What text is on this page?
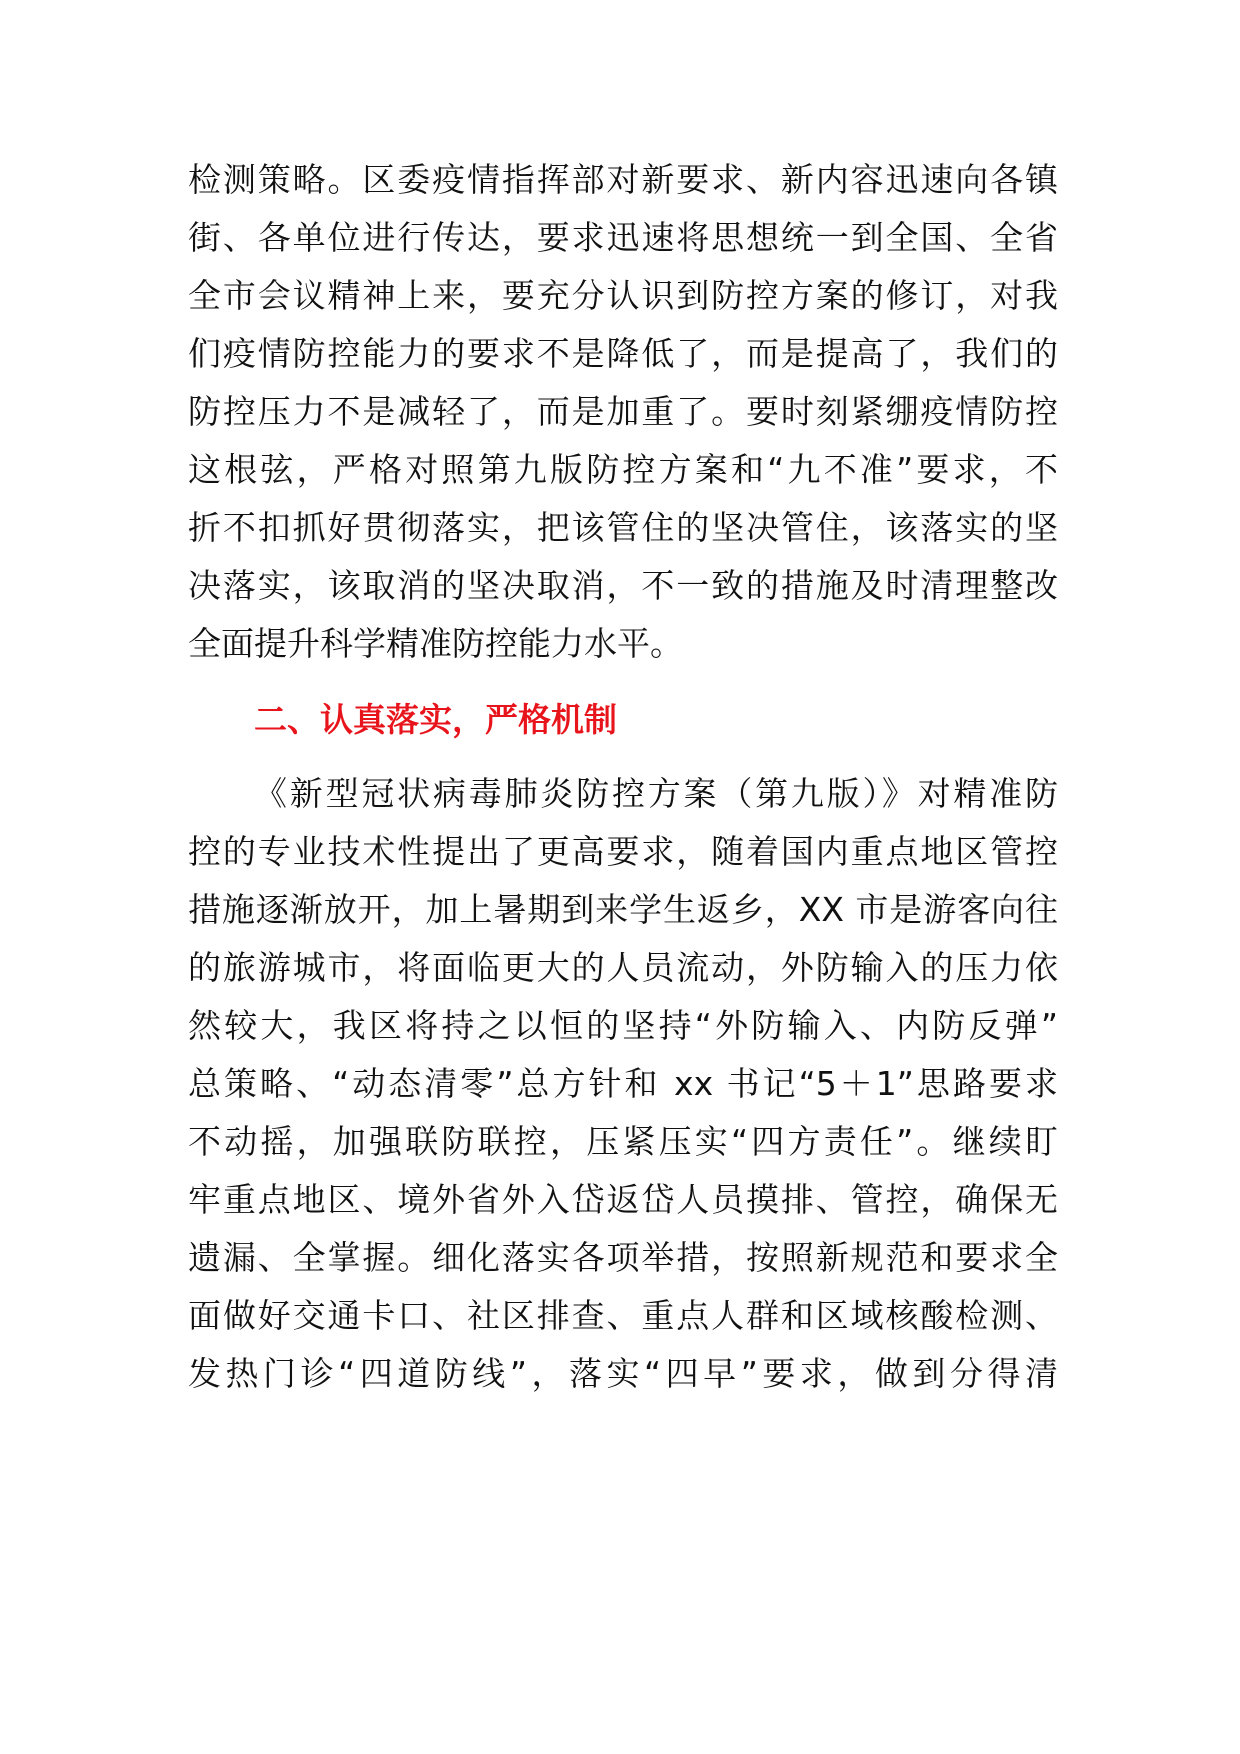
检测策略。区委疫情指挥部对新要求、新内容迅速向各镇
街、各单位进行传达，要求迅速将思想统一到全国、全省
全市会议精神上来，要充分认识到防控方案的修订，对我
们疫情防控能力的要求不是降低了，而是提高了，我们的
防控压力不是减轻了，而是加重了。要时刻紧绷疫情防控
这根弦，严格对照第九版防控方案和“九不准”要求，不
折不扣抓好贯彻落实，把该管住的坚决管住，该落实的坚
决落实，该取消的坚决取消，不一致的措施及时清理整改
全面提升科学精准防控能力水平。
二、认真落实，严格机制
《新型冠状病毒肺炎防控方案（第九版）》对精准防
控的专业技术性提出了更高要求，随着国内重点地区管控
措施逐渐放开，加上暑期到来学生返乡，XX 市是游客向往
的旅游城市，将面临更大的人员流动，外防输入的压力依
然较大，我区将持之以恒的坚持“外防输入、内防反弹”
总策略、“动态清零”总方针和 xx 书记“5＋1”思路要求
不动摇，加强联防联控，压紧压实“四方责任”。继续盯
牢重点地区、境外省外入岱返岱人员摸排、管控，确保无
遗漏、全掌握。细化落实各项举措，按照新规范和要求全
面做好交通卡口、社区排查、重点人群和区域核酸检测、
发热门诊“四道防线”，落实“四早”要求，做到分得清
